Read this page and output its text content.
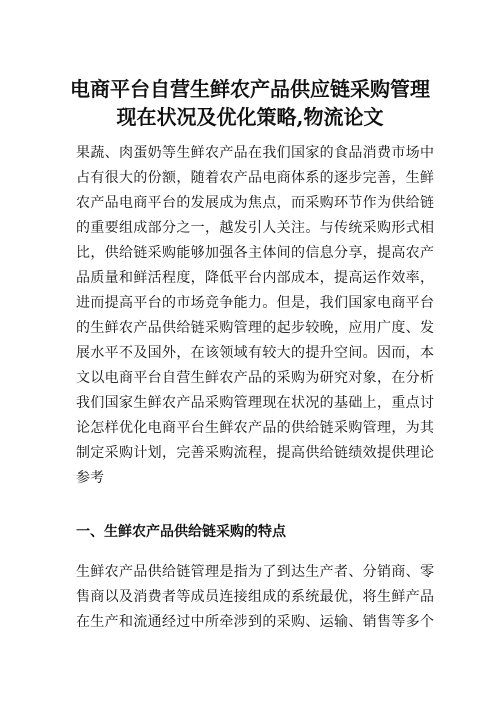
电商平台自营生鲜农产品供应链采购管理
现在状况及优化策略,物流论文

果蔬、肉蛋奶等生鲜农产品在我们国家的食品消费市场中

占有很大的份额，随着农产品电商体系的逐步完善，生鲜

农产品电商平台的发展成为焦点，而采购环节作为供给链

的重要组成部分之一，越发引人关注。与传统采购形式相

比，供给链采购能够加强各主体间的信息分享，提高农产

品质量和鲜活程度，降低平台内部成本，提高运作效率，

进而提高平台的市场竞争能力。但是，我们国家电商平台

的生鲜农产品供给链采购管理的起步较晚，应用广度、发

展水平不及国外，在该领域有较大的提升空间。因而，本

文以电商平台自营生鲜农产品的采购为研究对象，在分析

我们国家生鲜农产品采购管理现在状况的基础上，重点讨

论怎样优化电商平台生鲜农产品的供给链采购管理，为其

制定采购计划，完善采购流程，提高供给链绩效提供理论

参考

一、生鲜农产品供给链采购的特点

生鲜农产品供给链管理是指为了到达生产者、分销商、零

售商以及消费者等成员连接组成的系统最优，将生鲜产品

在生产和流通经过中所牵涉到的采购、运输、销售等多个
